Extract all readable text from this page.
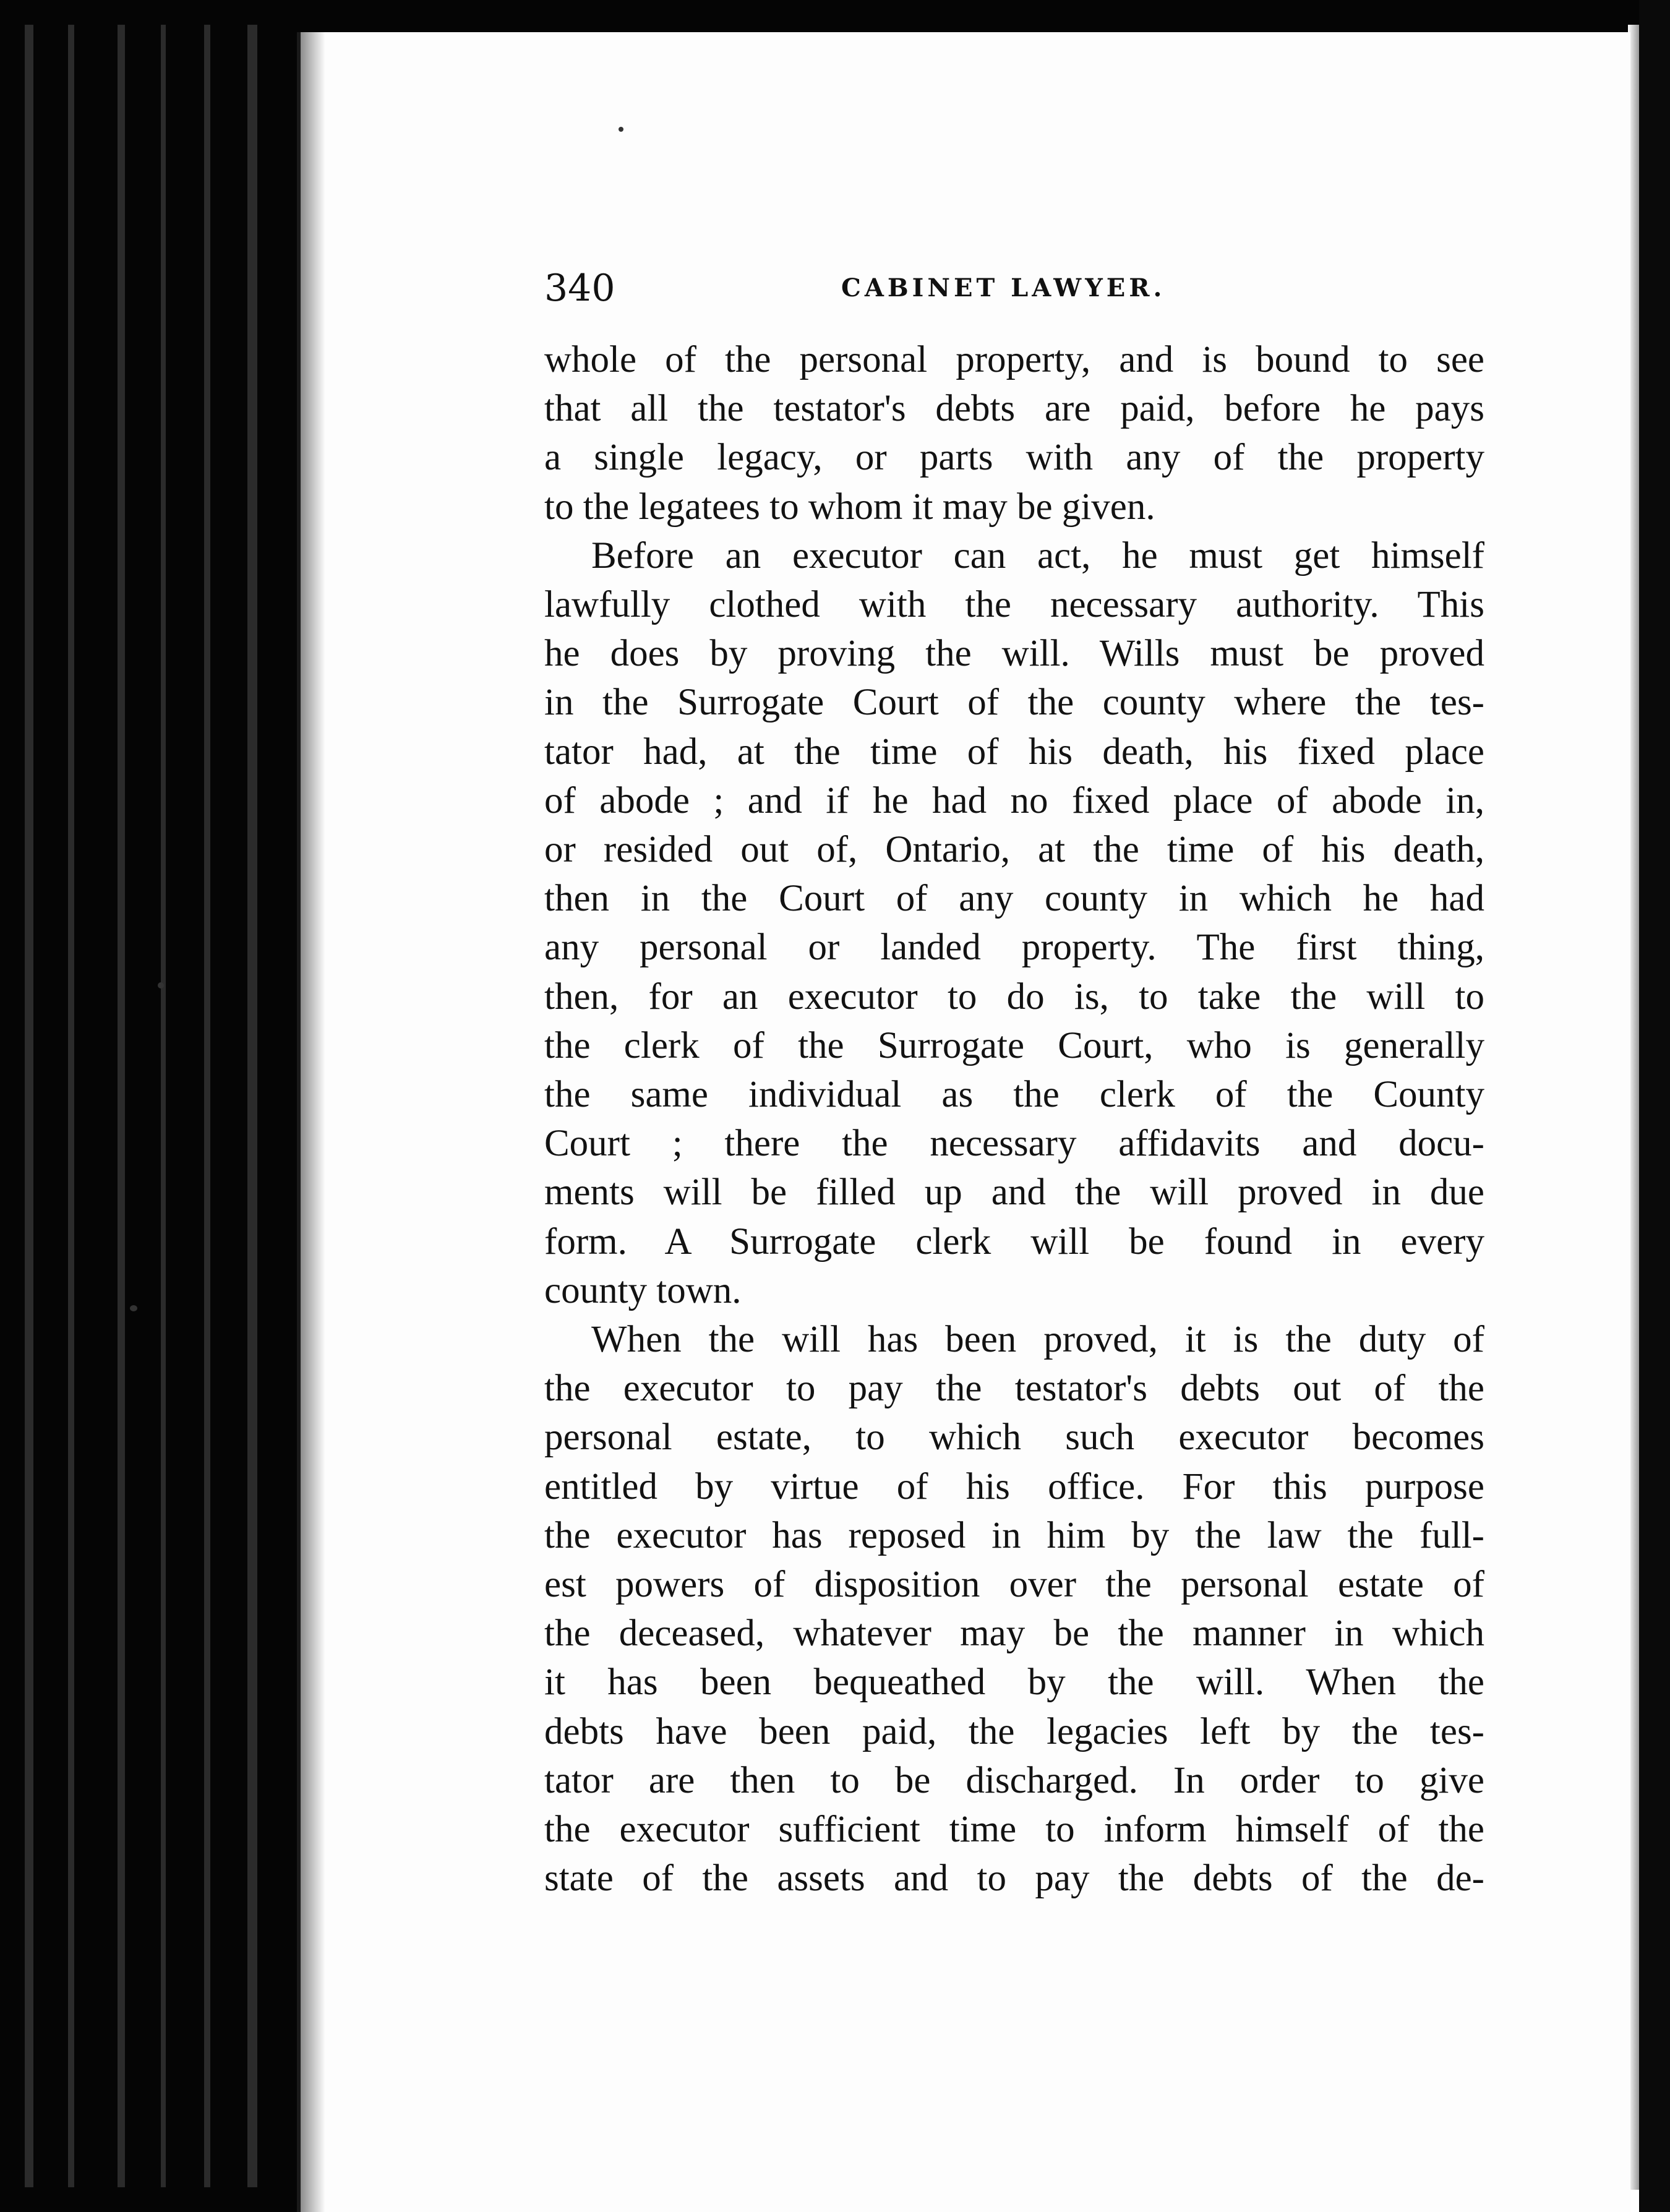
340	CABINET LAWYER.
whole of the personal property, and is bound to see
that all the testator's debts are paid, before he pays
a single legacy, or parts with any of the property
to the legatees to whom it may be given.
Before an executor can act, he must get himself
lawfully clothed with the necessary authority. This
he does by proving the will. Wills must be proved
in the Surrogate Court of the county where the tes-
tator had, at the time of his death, his fixed place
of abode ; and if he had no fixed place of abode in,
or resided out of, Ontario, at the time of his death,
then in the Court of any county in which he had
any personal or landed property. The first thing,
then, for an executor to do is, to take the will to
the clerk of the Surrogate Court, who is generally
the same individual as the clerk of the County
Court ; there the necessary affidavits and docu-
ments will be filled up and the will proved in due
form. A Surrogate clerk will be found in every
county town.
When the will has been proved, it is the duty of
the executor to pay the testator's debts out of the
personal estate, to which such executor becomes
entitled by virtue of his office. For this purpose
the executor has reposed in him by the law the full-
est powers of disposition over the personal estate of
the deceased, whatever may be the manner in which
it has been bequeathed by the will. When the
debts have been paid, the legacies left by the tes-
tator are then to be discharged. In order to give
the executor sufficient time to inform himself of the
state of the assets and to pay the debts of the de-
